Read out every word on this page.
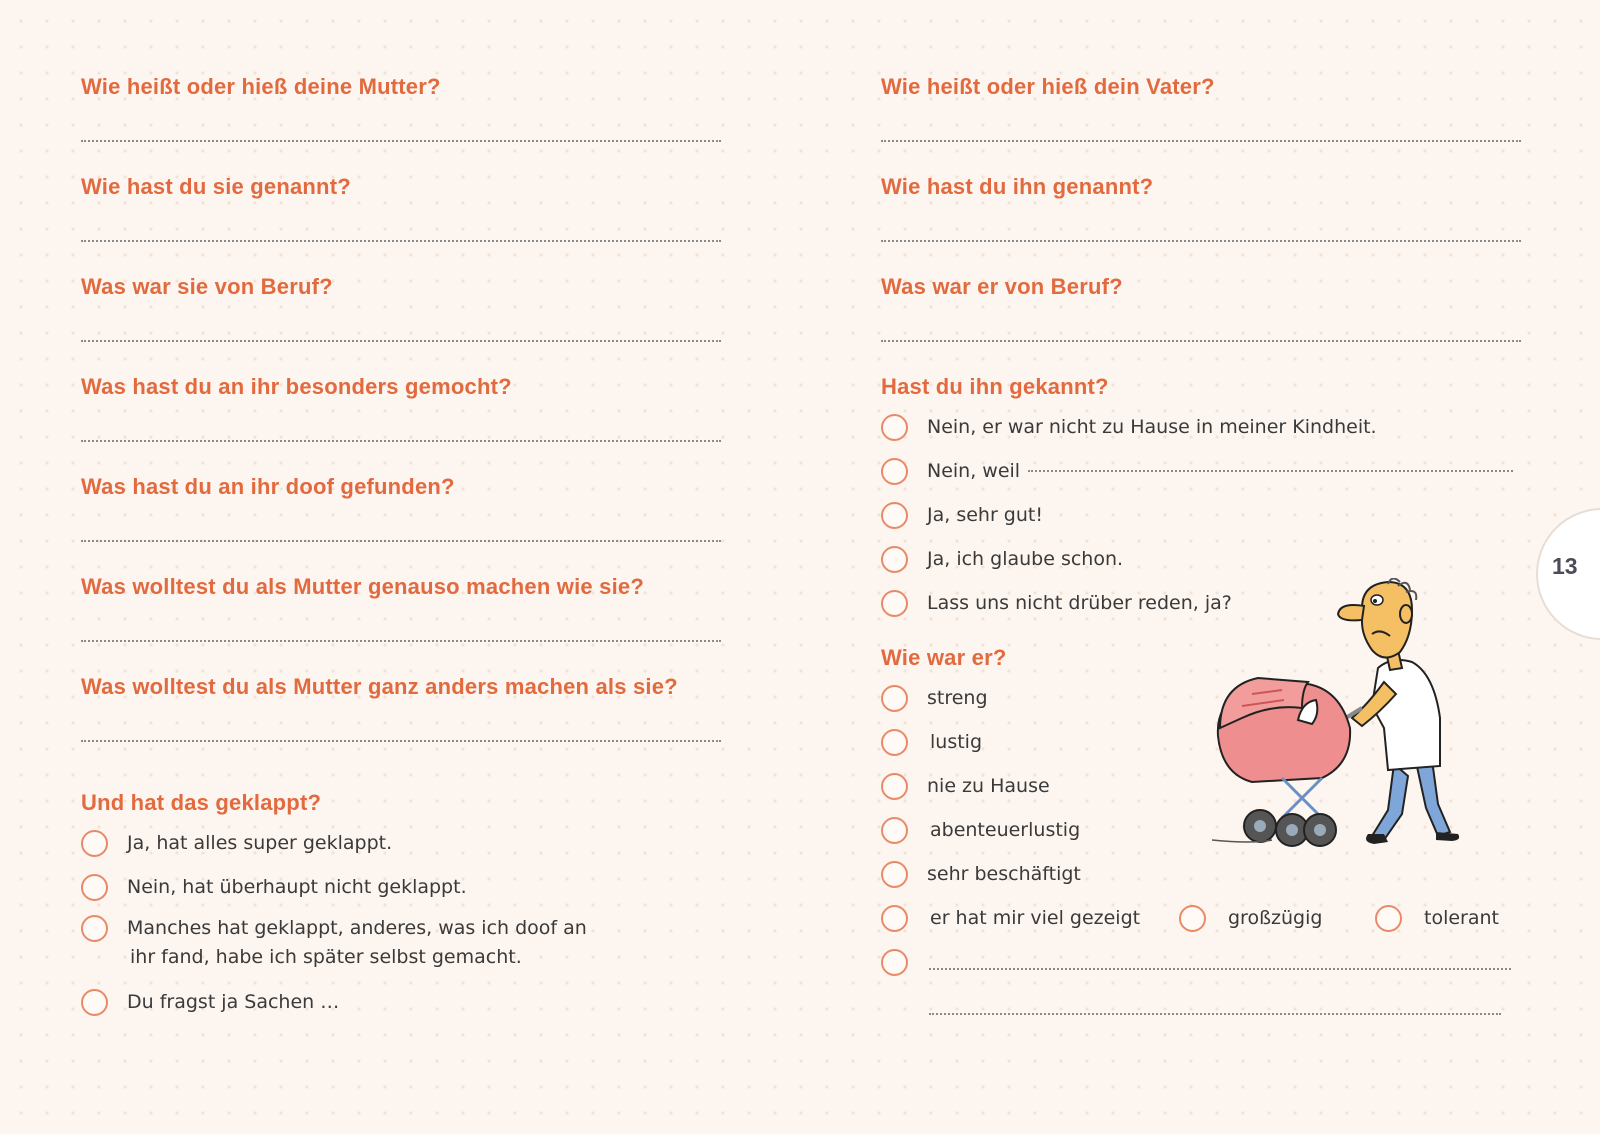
Wie heißt oder hieß deine Mutter?
Wie hast du sie genannt?
Was war sie von Beruf?
Was hast du an ihr besonders gemocht?
Was hast du an ihr doof gefunden?
Was wolltest du als Mutter genauso machen wie sie?
Was wolltest du als Mutter ganz anders machen als sie?
Und hat das geklappt?
Ja, hat alles super geklappt.
Nein, hat überhaupt nicht geklappt.
Manches hat geklappt, anderes, was ich doof an
ihr fand, habe ich später selbst gemacht.
Du fragst ja Sachen …
Wie heißt oder hieß dein Vater?
Wie hast du ihn genannt?
Was war er von Beruf?
Hast du ihn gekannt?
Nein, er war nicht zu Hause in meiner Kindheit.
Nein, weil
Ja, sehr gut!
Ja, ich glaube schon.
Lass uns nicht drüber reden, ja?
Wie war er?
streng
lustig
nie zu Hause
abenteuerlustig
sehr beschäftigt
er hat mir viel gezeigt	großzügig	tolerant
13
